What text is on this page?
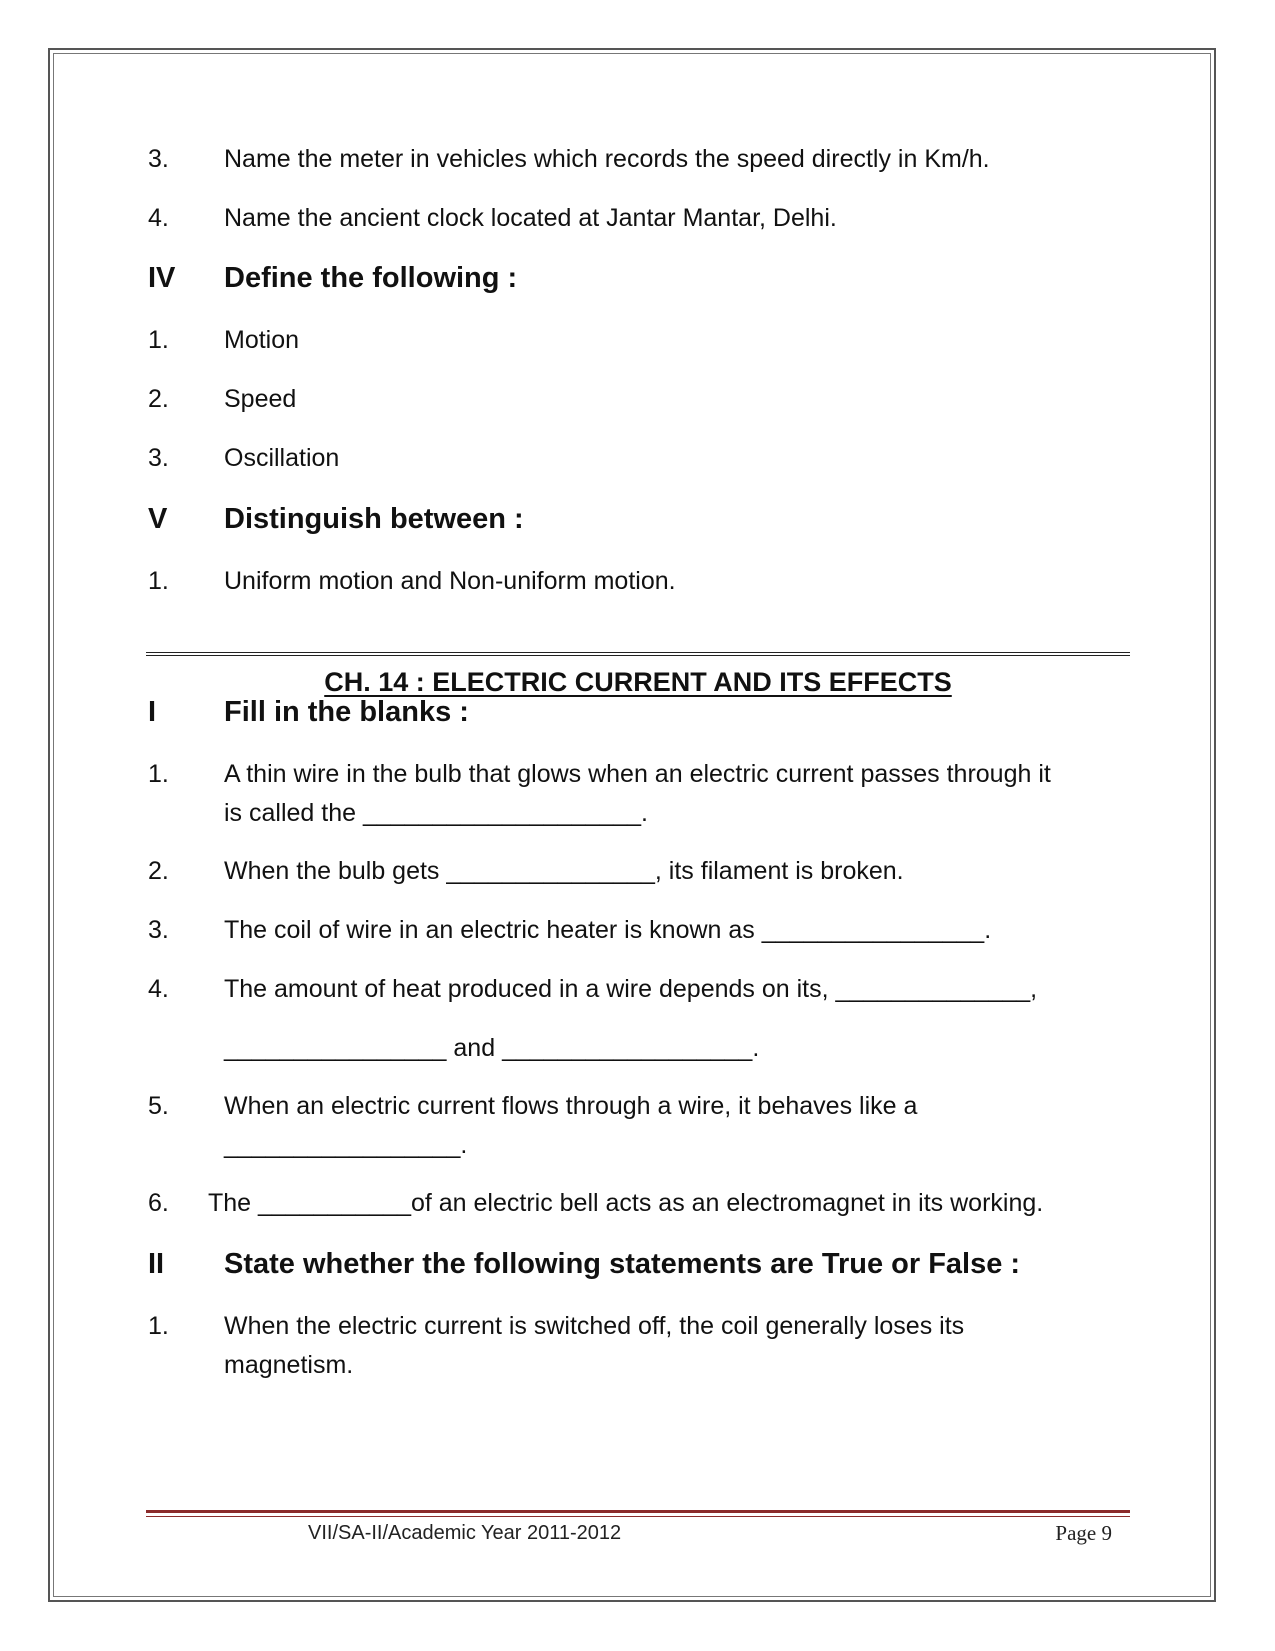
3. Name the meter in vehicles which records the speed directly in Km/h.
4. Name the ancient clock located at Jantar Mantar, Delhi.
IV Define the following :
1. Motion
2. Speed
3. Oscillation
V Distinguish between :
1. Uniform motion and Non-uniform motion.
CH. 14 : ELECTRIC CURRENT AND ITS EFFECTS
I Fill in the blanks :
1. A thin wire in the bulb that glows when an electric current passes through it
is called the ____________________.
2. When the bulb gets _______________, its filament is broken.
3. The coil of wire in an electric heater is known as ________________.
4. The amount of heat produced in a wire depends on its, ______________,
________________ and __________________.
5. When an electric current flows through a wire, it behaves like a
_________________.
6. The ___________of an electric bell acts as an electromagnet in its working.
II State whether the following statements are True or False :
1. When the electric current is switched off, the coil generally loses its
magnetism.
VII/SA-II/Academic Year 2011-2012	Page 9
